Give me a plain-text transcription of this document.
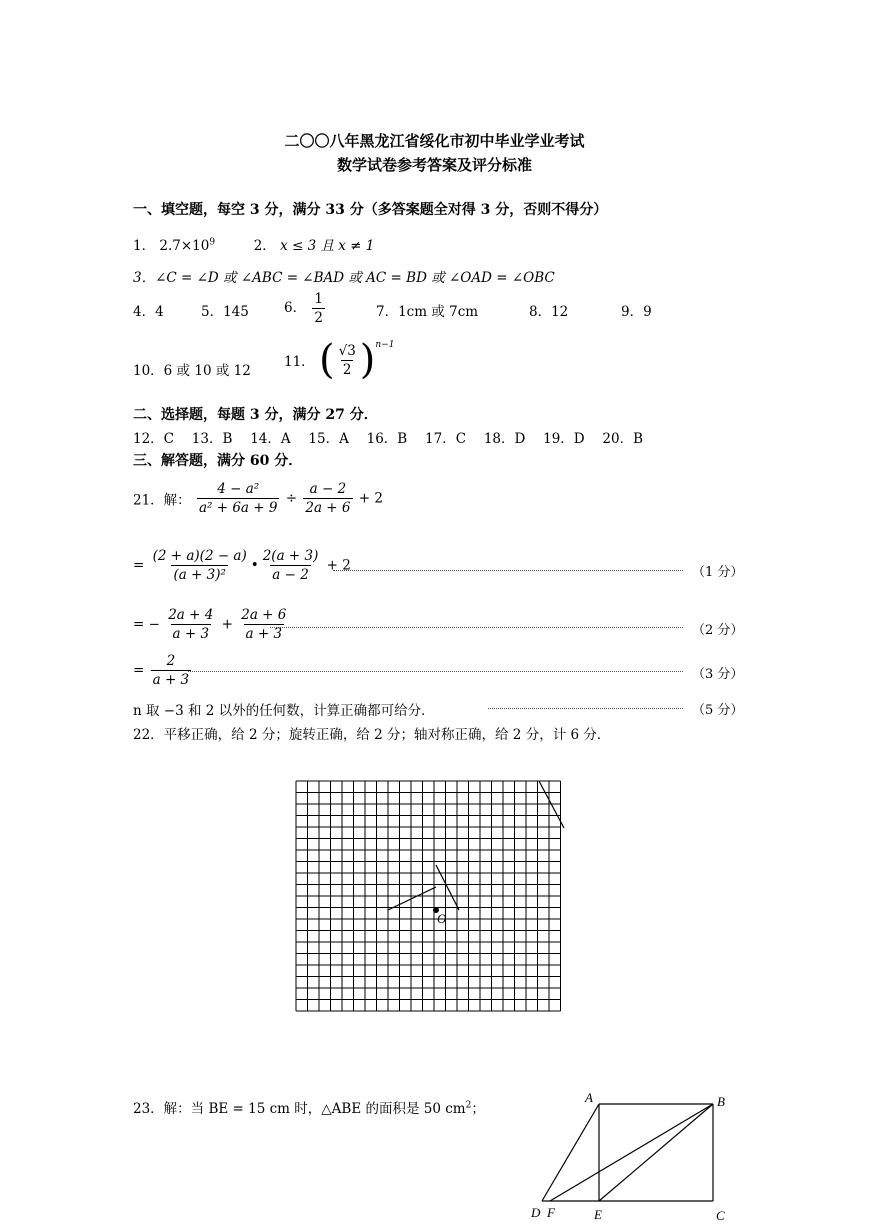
二〇〇八年黑龙江省绥化市初中毕业学业考试
数学试卷参考答案及评分标准
一、填空题，每空 3 分，满分 33 分（多答案题全对得 3 分，否则不得分）
1． $2.7\times 10^9$	2． x ≤ 3 且 x ≠ 1
3．∠C = ∠D 或 ∠ABC = ∠BAD 或 AC = BD 或 ∠OAD = ∠OBC
4．4	5．145	6． $\frac{1}{2}$	7．1cm 或 7cm	8．12	9．9
10．6 或 10 或 12
11． ( $\frac{√3}{2} )^{n-1}$
二、选择题，每题 3 分，满分 27 分．
12．C　 13．B　 14．A　 15．A　 16．B　 17．C　 18．D　 19．D　 20．B
三、解答题，满分 60 分．
21．解： $\frac{\text{4 − a²}}{\text{a² + 6a + 9}} \div \frac{a - 2}{2a + 6} + 2$
= $\frac{(2 + a)(2 - a)}{\text{(a + 3)²}}$ • $\frac{2(a + 3)}{a - 2} + 2$	（1 分）
= − $\frac{2a + 4}{a + 3} + \frac{2a + 6}{a + 3}$	（2 分）
= $\frac{2}{a + 3}$	（3 分）
n 取 −3 和 2 以外的任何数，计算正确都可给分．	（5 分）
22．平移正确，给 2 分；旋转正确，给 2 分；轴对称正确，给 2 分，计 6 分．
O
23．解：当 BE = 15 cm 时，△ABE 的面积是 50 $cm^2$；
A	B
C
D F	E
